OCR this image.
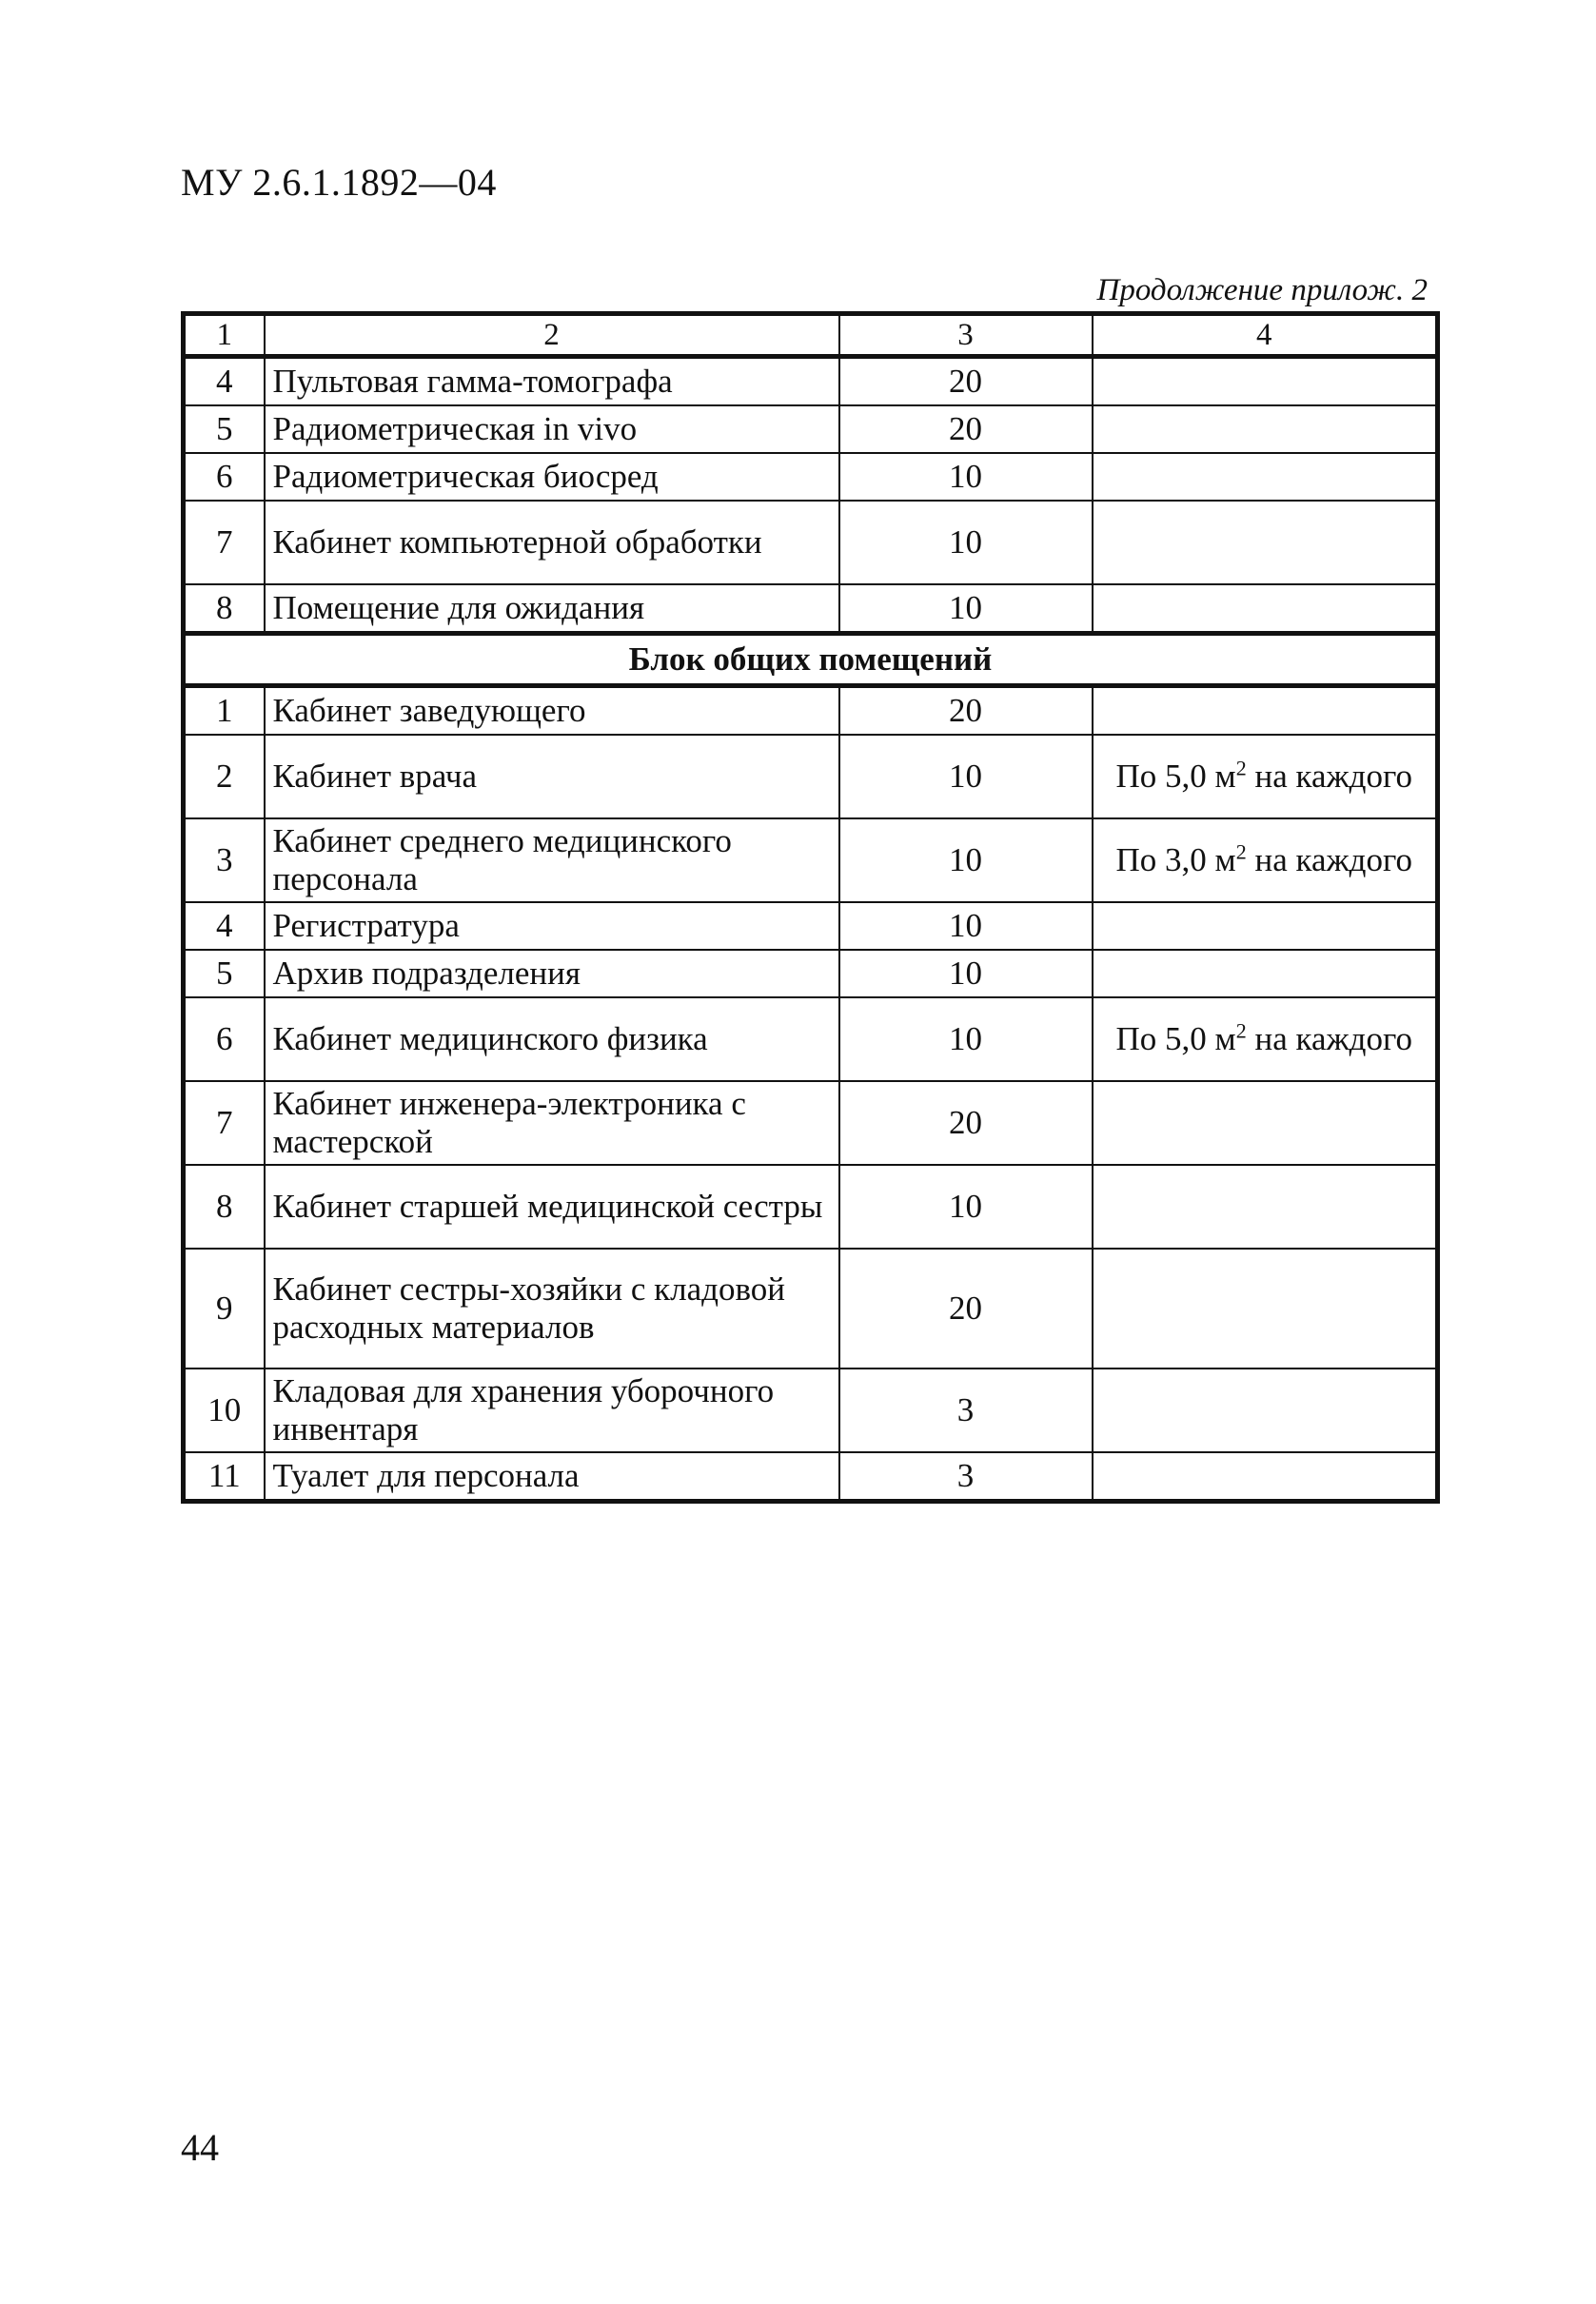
МУ 2.6.1.1892—04
Продолжение прилож. 2
1	2	3	4
4	Пультовая гамма-томографа	20	
5	Радиометрическая in vivo	20	
6	Радиометрическая биосред	10	
7	Кабинет компьютерной обработки	10	
8	Помещение для ожидания	10	
Блок общих помещений			
1	Кабинет заведующего	20	
2	Кабинет врача	10	По 5,0 $м^2$ на каждого
3	Кабинет среднего медицинского персонала	10	По 3,0 $м^2$ на каждого
4	Регистратура	10	
5	Архив подразделения	10	
6	Кабинет медицинского физика	10	По 5,0 $м^2$ на каждого
7	Кабинет инженера-электроника с мастерской	20	
8	Кабинет старшей медицинской сестры	10	
9	Кабинет сестры-хозяйки с кладовой расходных материалов	20	
10	Кладовая для хранения уборочного инвентаря	3	
11	Туалет для персонала	3	
44
